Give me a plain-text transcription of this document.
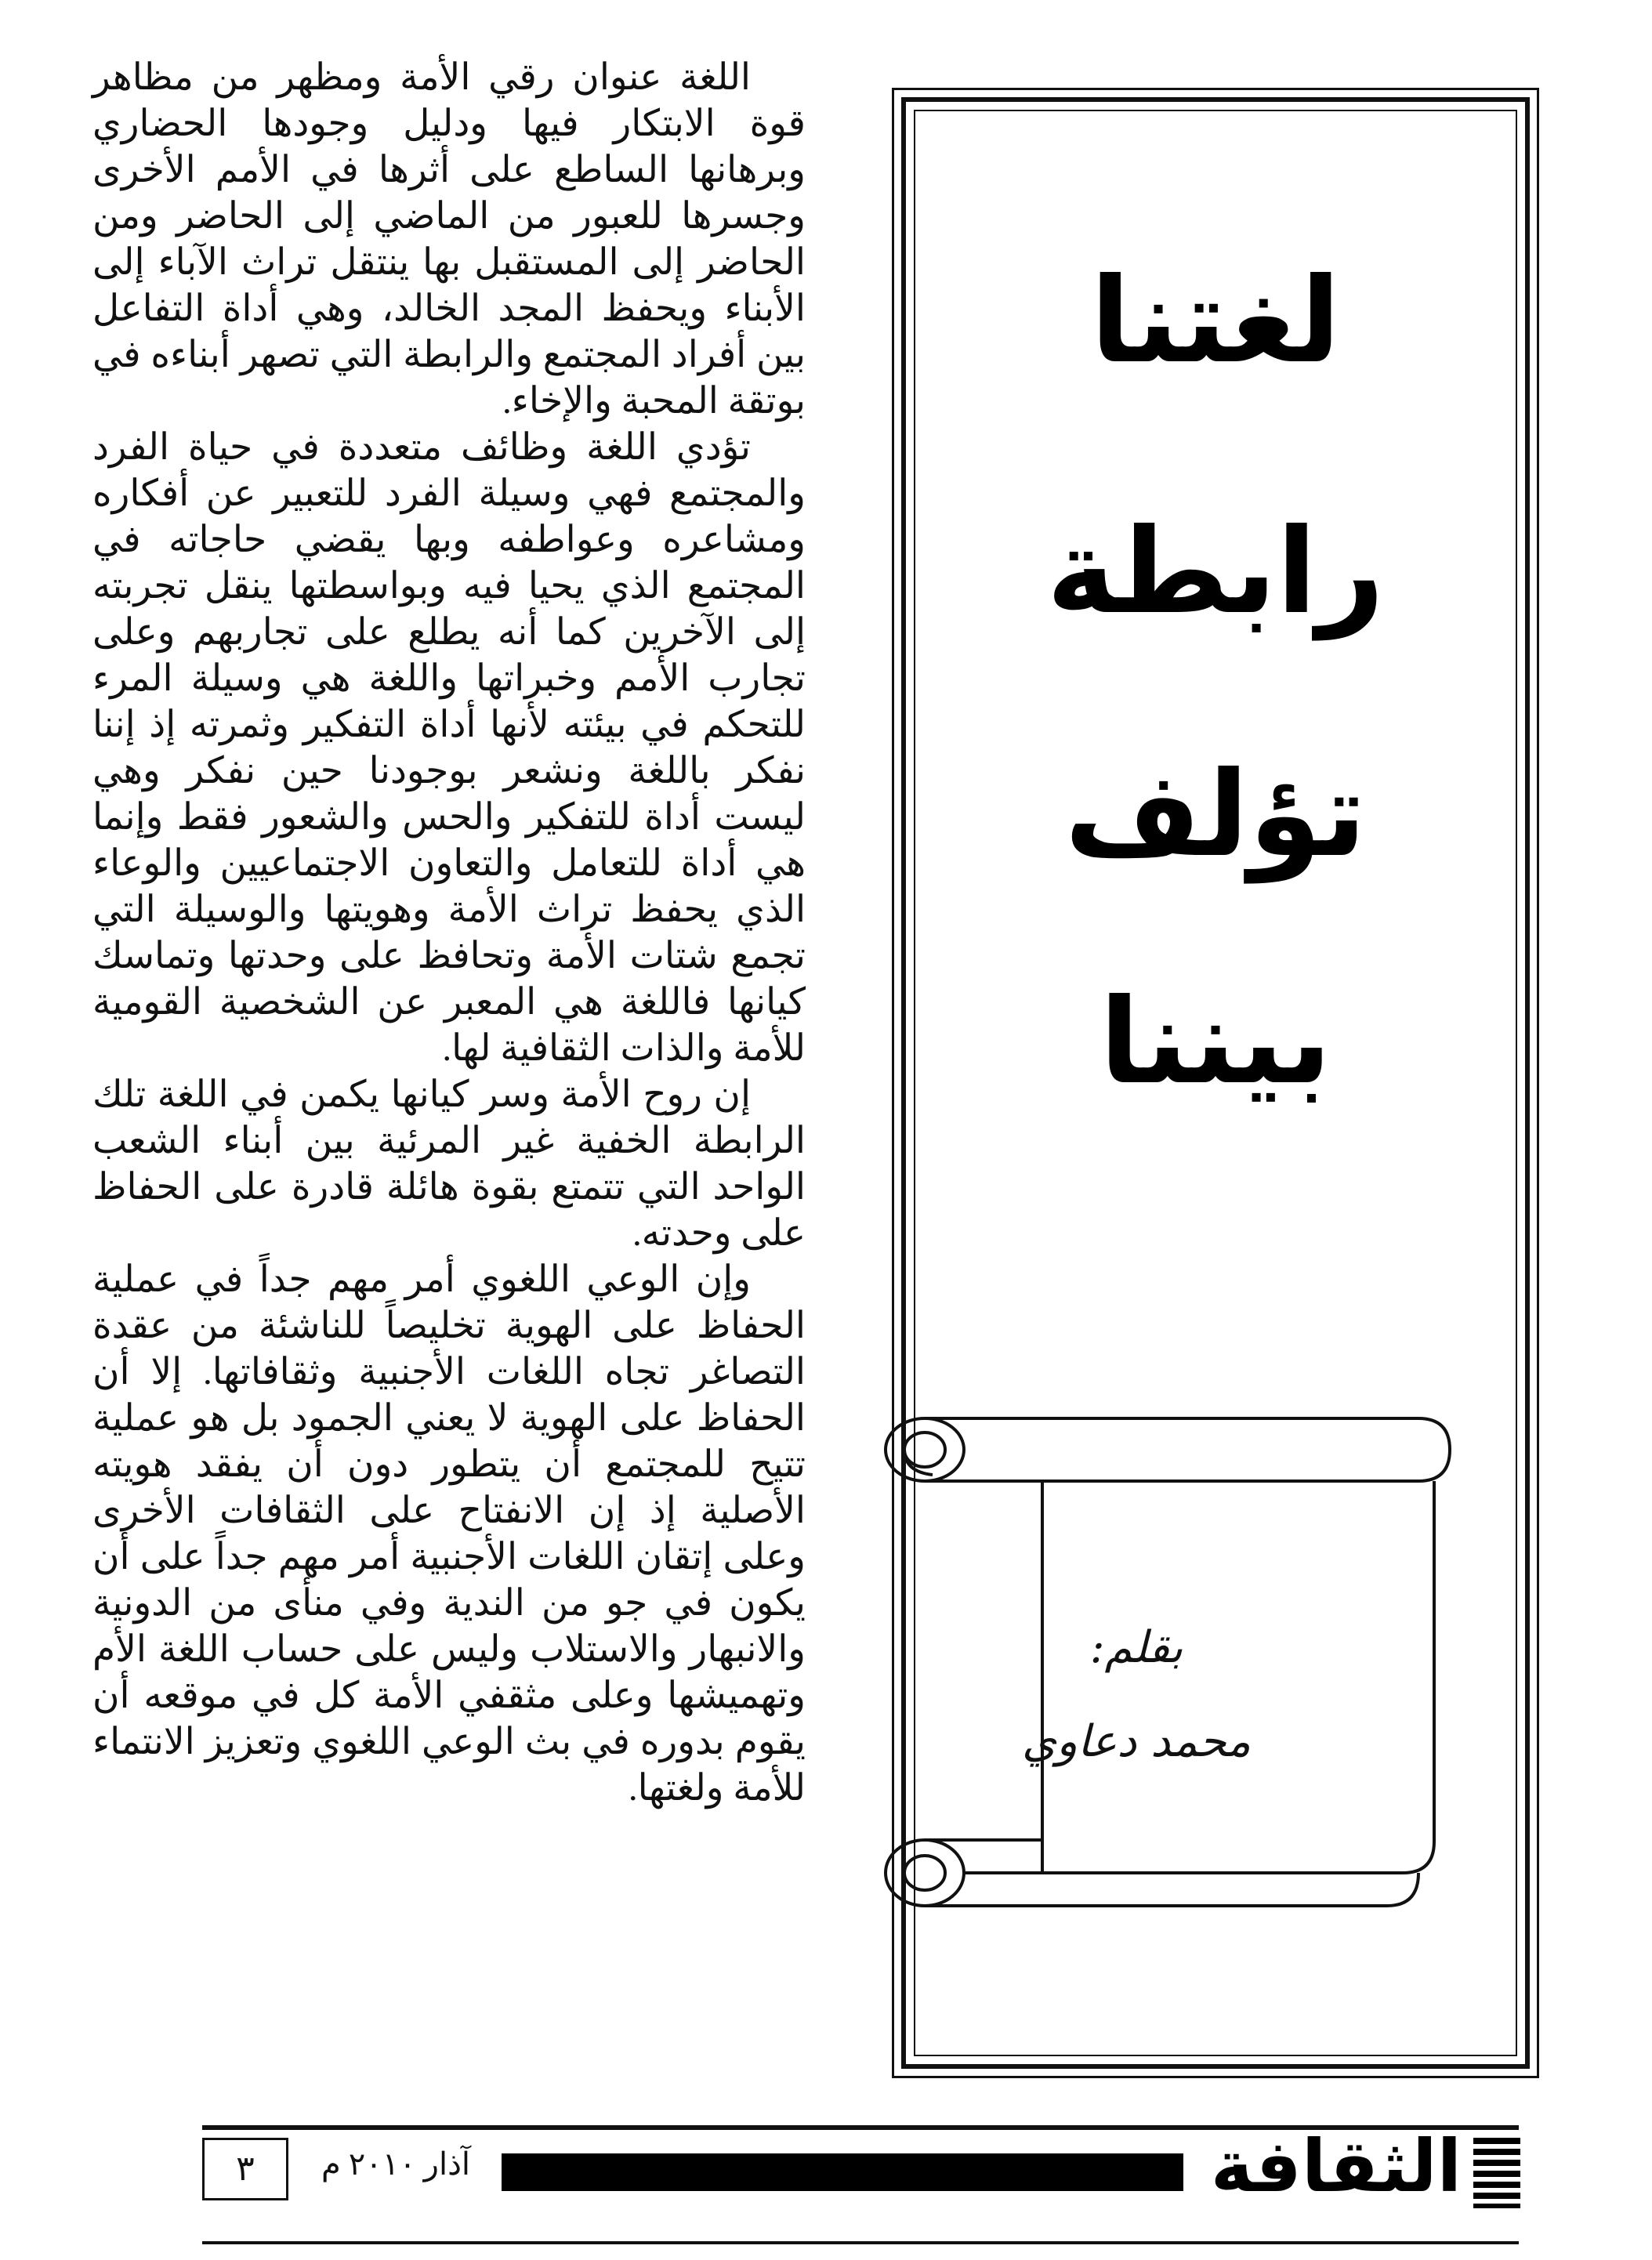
لغتنا
رابطة
تؤلف
بيننا
بقلم:
محمد دعاوي

اللغة عنوان رقي الأمة ومظهر من مظاهر قوة الابتكار فيها ودليل وجودها الحضاري وبرهانها الساطع على أثرها في الأمم الأخرى وجسرها للعبور من الماضي إلى الحاضر ومن الحاضر إلى المستقبل بها ينتقل تراث الآباء إلى الأبناء ويحفظ المجد الخالد، وهي أداة التفاعل بين أفراد المجتمع والرابطة التي تصهر أبناءه في بوتقة المحبة والإخاء.

تؤدي اللغة وظائف متعددة في حياة الفرد والمجتمع فهي وسيلة الفرد للتعبير عن أفكاره ومشاعره وعواطفه وبها يقضي حاجاته في المجتمع الذي يحيا فيه وبواسطتها ينقل تجربته إلى الآخرين كما أنه يطلع على تجاربهم وعلى تجارب الأمم وخبراتها واللغة هي وسيلة المرء للتحكم في بيئته لأنها أداة التفكير وثمرته إذ إننا نفكر باللغة ونشعر بوجودنا حين نفكر وهي ليست أداة للتفكير والحس والشعور فقط وإنما هي أداة للتعامل والتعاون الاجتماعيين والوعاء الذي يحفظ تراث الأمة وهويتها والوسيلة التي تجمع شتات الأمة وتحافظ على وحدتها وتماسك كيانها فاللغة هي المعبر عن الشخصية القومية للأمة والذات الثقافية لها.

إن روح الأمة وسر كيانها يكمن في اللغة تلك الرابطة الخفية غير المرئية بين أبناء الشعب الواحد التي تتمتع بقوة هائلة قادرة على الحفاظ على وحدته.

وإن الوعي اللغوي أمر مهم جداً في عملية الحفاظ على الهوية تخليصاً للناشئة من عقدة التصاغر تجاه اللغات الأجنبية وثقافاتها. إلا أن الحفاظ على الهوية لا يعني الجمود بل هو عملية تتيح للمجتمع أن يتطور دون أن يفقد هويته الأصلية إذ إن الانفتاح على الثقافات الأخرى وعلى إتقان اللغات الأجنبية أمر مهم جداً على أن يكون في جو من الندية وفي منأى من الدونية والانبهار والاستلاب وليس على حساب اللغة الأم وتهميشها وعلى مثقفي الأمة كل في موقعه أن يقوم بدوره في بث الوعي اللغوي وتعزيز الانتماء للأمة ولغتها.

الثقافة
آذار ٢٠١٠ م
٣
